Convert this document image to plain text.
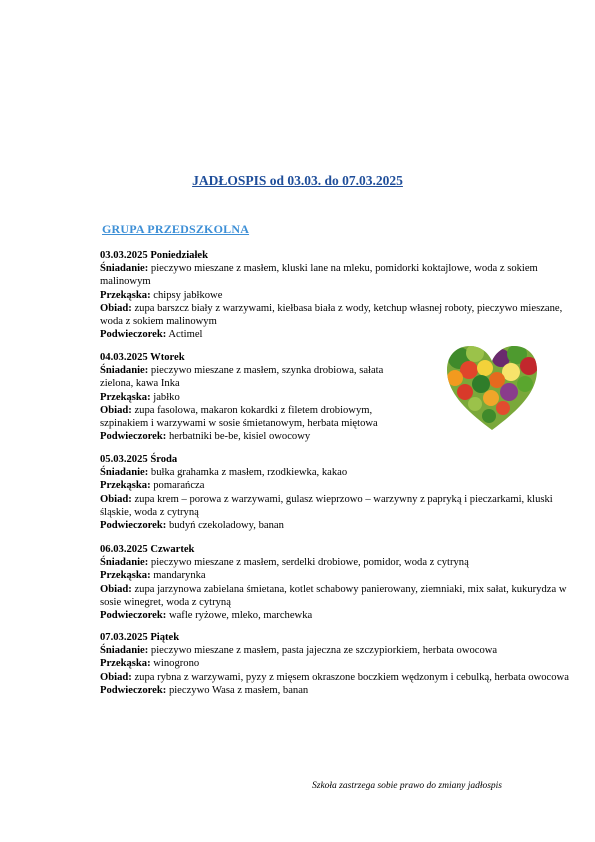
JADŁOSPIS od 03.03. do 07.03.2025
GRUPA PRZEDSZKOLNA
03.03.2025 Poniedziałek
Śniadanie: pieczywo mieszane z masłem, kluski lane na mleku, pomidorki koktajlowe, woda z sokiem malinowym
Przekąska: chipsy jabłkowe
Obiad: zupa barszcz biały z warzywami, kiełbasa biała z wody, ketchup własnej roboty, pieczywo mieszane, woda z sokiem malinowym
Podwieczorek: Actimel
04.03.2025 Wtorek
Śniadanie: pieczywo mieszane z masłem, szynka drobiowa, sałata zielona, kawa Inka
Przekąska: jabłko
Obiad: zupa fasolowa, makaron kokardki z filetem drobiowym, szpinakiem i warzywami w sosie śmietanowym, herbata miętowa
Podwieczorek: herbatniki be-be, kisiel owocowy
05.03.2025 Środa
Śniadanie: bułka grahamka z masłem, rzodkiewka, kakao
Przekąska: pomarańcza
Obiad: zupa krem – porowa z warzywami, gulasz wieprzowo – warzywny z papryką i pieczarkami, kluski śląskie, woda z cytryną
Podwieczorek: budyń czekoladowy, banan
06.03.2025 Czwartek
Śniadanie: pieczywo mieszane z masłem, serdelki drobiowe, pomidor, woda z cytryną
Przekąska: mandarynka
Obiad: zupa jarzynowa zabielana śmietana, kotlet schabowy panierowany, ziemniaki, mix sałat, kukurydza w sosie winegret, woda z cytryną
Podwieczorek: wafle ryżowe, mleko, marchewka
07.03.2025 Piątek
Śniadanie: pieczywo mieszane z masłem, pasta jajeczna ze szczypiorkiem, herbata owocowa
Przekąska: winogrono
Obiad: zupa rybna z warzywami, pyzy z mięsem okraszone boczkiem wędzonym i cebulką, herbata owocowa
Podwieczorek: pieczywo Wasa z masłem, banan
Szkoła zastrzega sobie prawo do zmiany jadłospis
